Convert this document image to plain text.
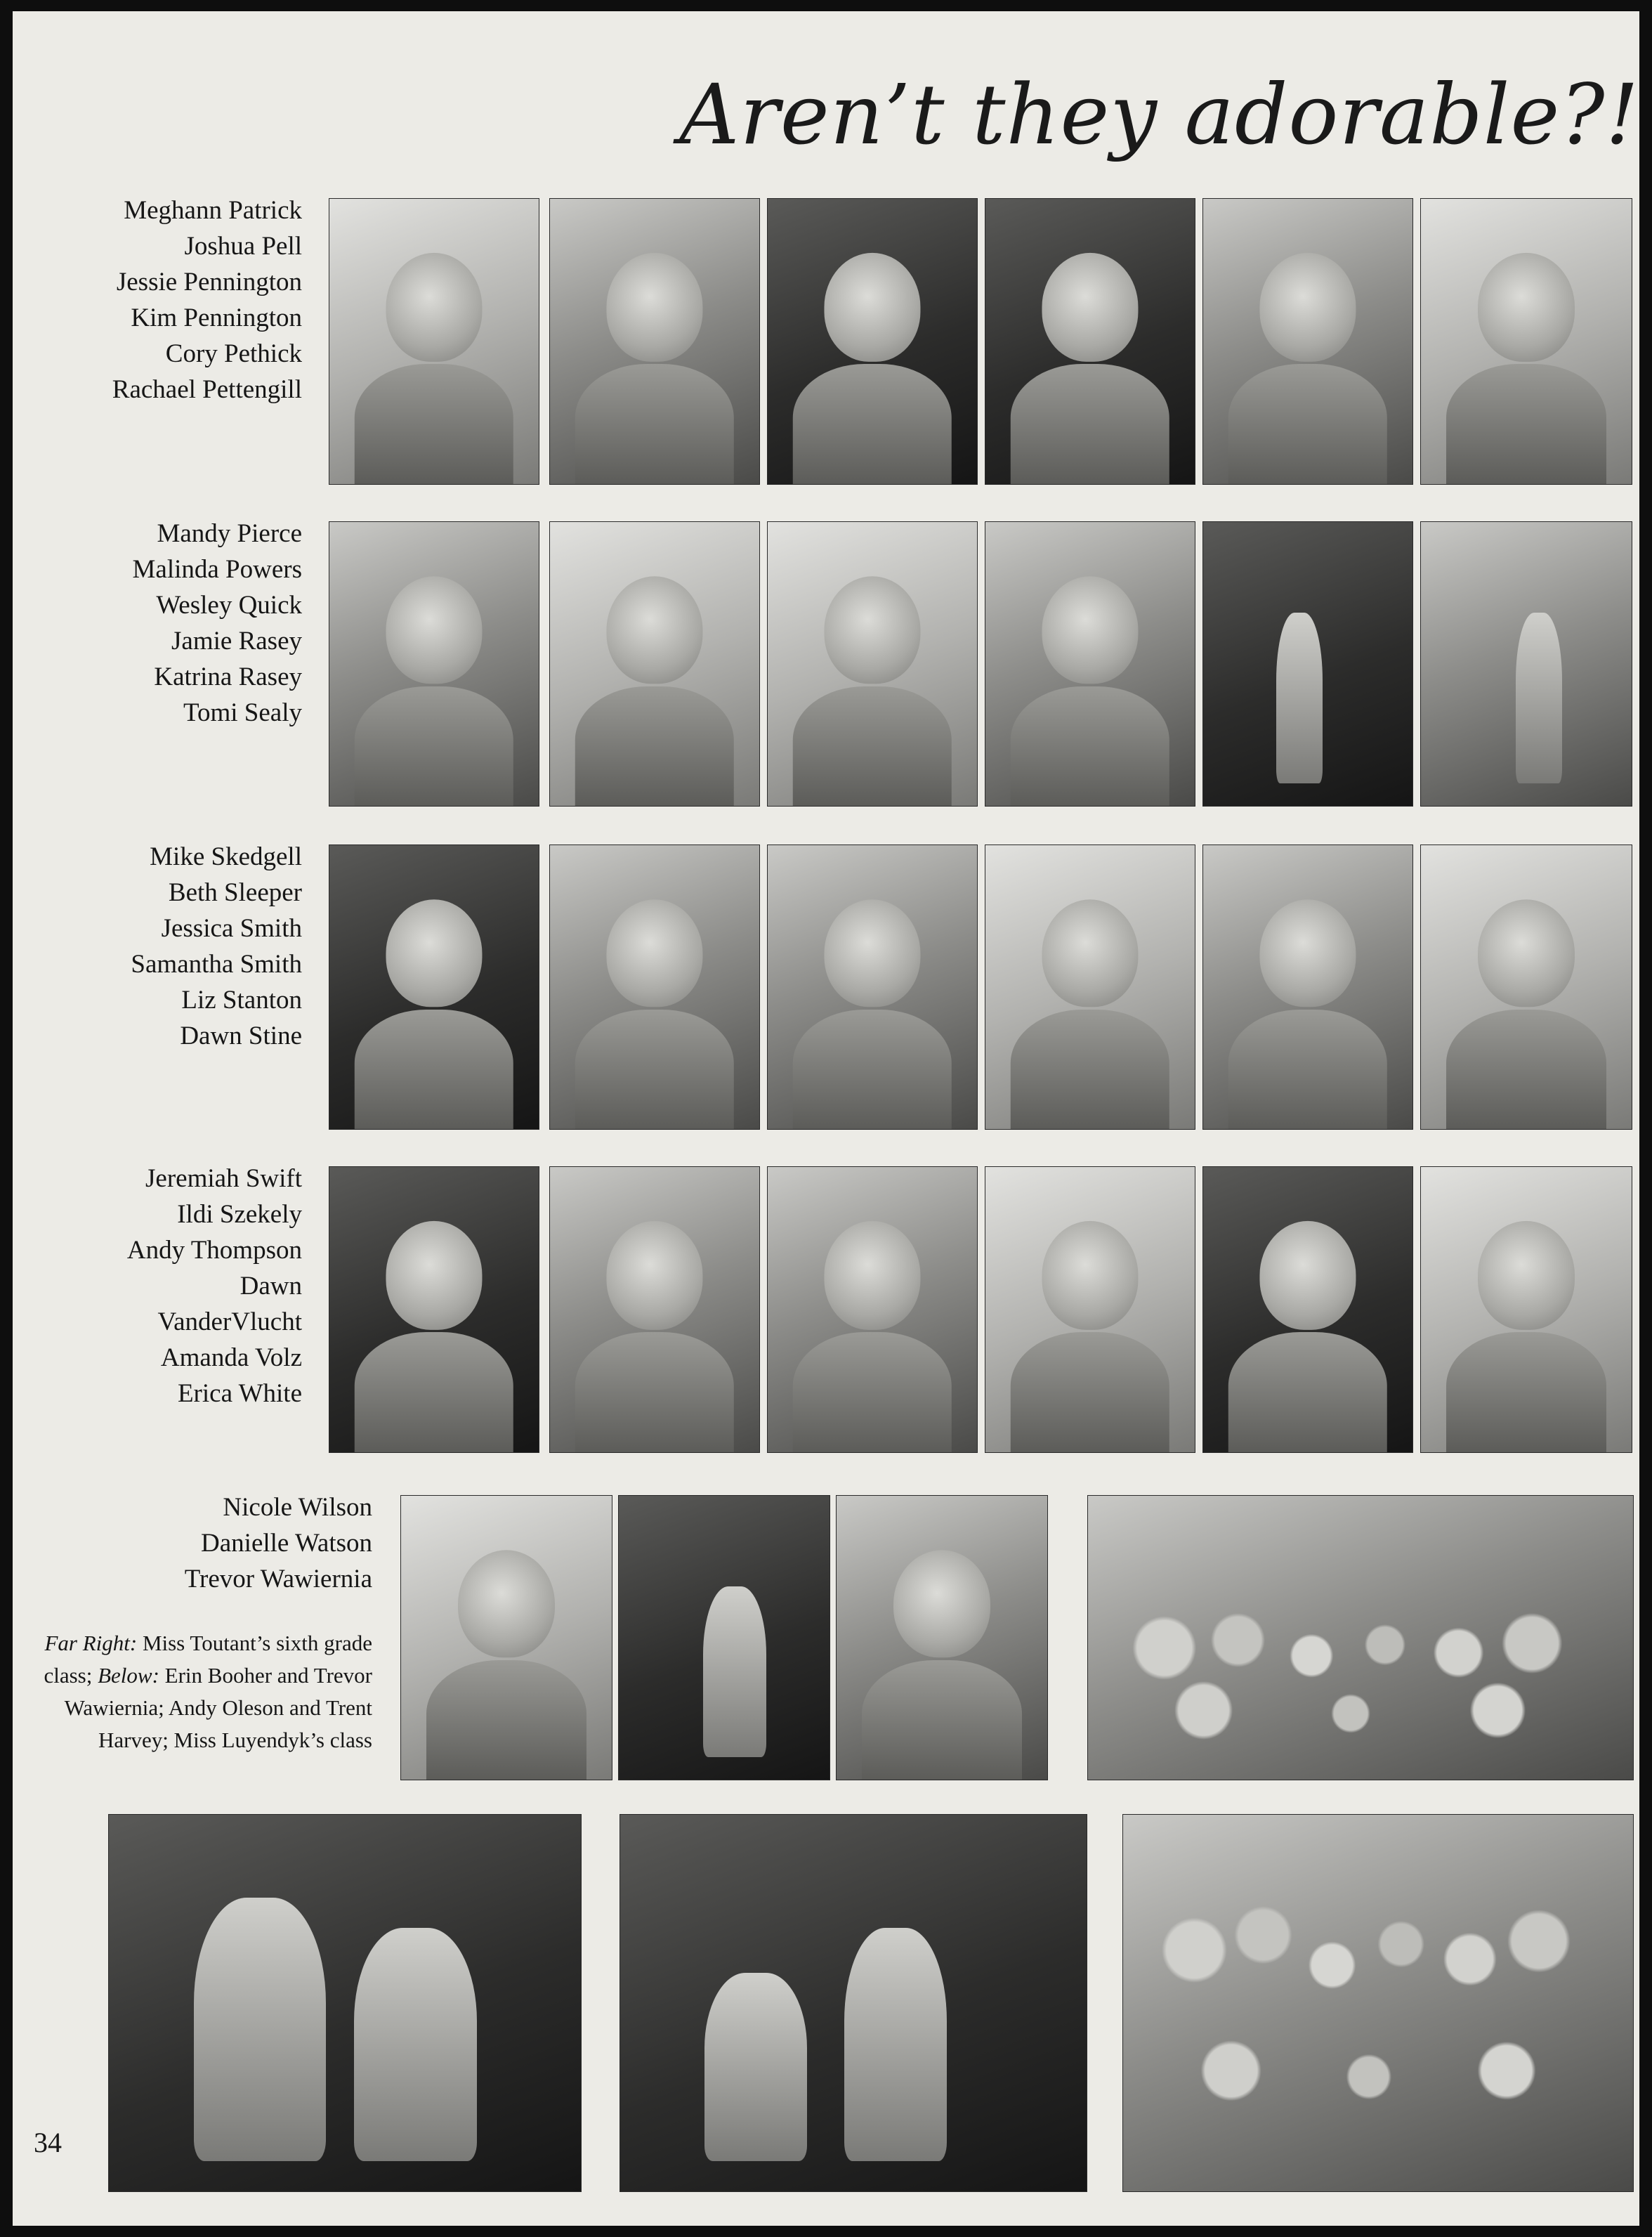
Aren’t they adorable?!
Meghann Patrick
Joshua Pell
Jessie Pennington
Kim Pennington
Cory Pethick
Rachael Pettengill
Mandy Pierce
Malinda Powers
Wesley Quick
Jamie Rasey
Katrina Rasey
Tomi Sealy
Mike Skedgell
Beth Sleeper
Jessica Smith
Samantha Smith
Liz Stanton
Dawn Stine
Jeremiah Swift
Ildi Szekely
Andy Thompson
Dawn
VanderVlucht
Amanda Volz
Erica White
Nicole Wilson
Danielle Watson
Trevor Wawiernia
Far Right: Miss Toutant’s sixth grade class; Below: Erin Booher and Trevor Wawiernia; Andy Oleson and Trent Harvey; Miss Luyendyk’s class
34
